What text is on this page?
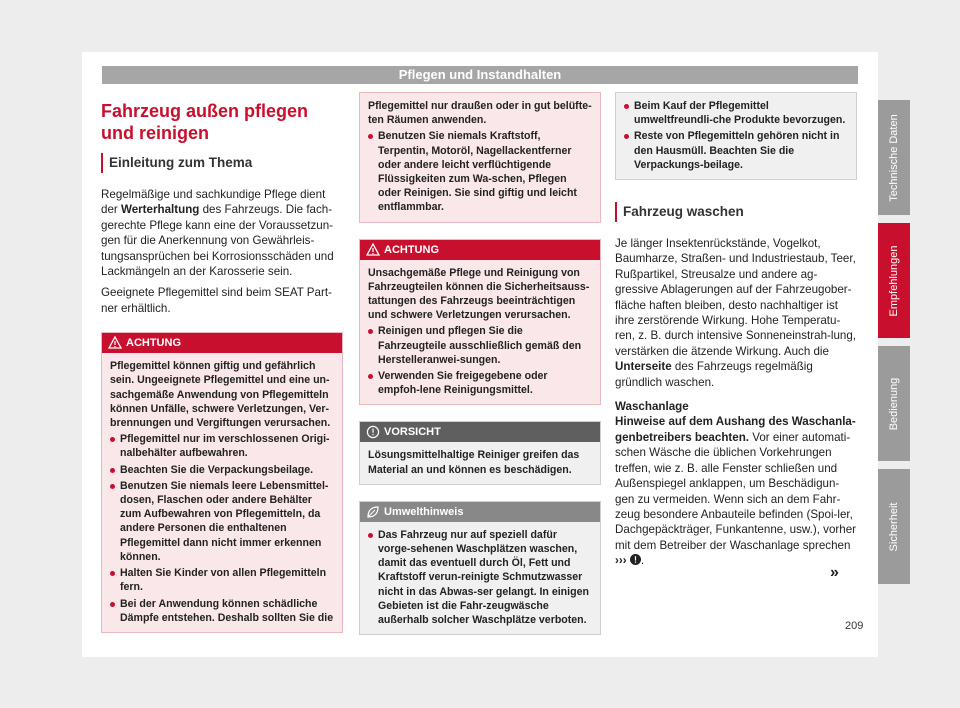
Pflegen und Instandhalten
Fahrzeug außen pflegen und reinigen
Einleitung zum Thema

Regelmäßige und sachkundige Pflege dient der Werterhaltung des Fahrzeugs. Die fach-gerechte Pflege kann eine der Voraussetzun-gen für die Anerkennung von Gewährleis-tungsansprüchen bei Korrosionsschäden und Lackmängeln an der Karosserie sein.

Geeignete Pflegemittel sind beim SEAT Part-ner erhältlich.

ACHTUNG

Pflegemittel können giftig und gefährlich sein. Ungeeignete Pflegemittel und eine un-sachgemäße Anwendung von Pflegemitteln können Unfälle, schwere Verletzungen, Ver-brennungen und Vergiftungen verursachen.

Pflegemittel nur im verschlossenen Origi-nalbehälter aufbewahren.
Beachten Sie die Verpackungsbeilage.
Benutzen Sie niemals leere Lebensmittel-dosen, Flaschen oder andere Behälter zum Aufbewahren von Pflegemitteln, da andere Personen die enthaltenen Pflegemittel dann nicht immer erkennen können.
Halten Sie Kinder von allen Pflegemitteln fern.
Bei der Anwendung können schädliche Dämpfe entstehen. Deshalb sollten Sie die

Pflegemittel nur draußen oder in gut belüfte-ten Räumen anwenden.

Benutzen Sie niemals Kraftstoff, Terpentin, Motoröl, Nagellackentferner oder andere leicht verflüchtigende Flüssigkeiten zum Wa-schen, Pflegen oder Reinigen. Sie sind giftig und leicht entflammbar.
ACHTUNG

Unsachgemäße Pflege und Reinigung von Fahrzeugteilen können die Sicherheitsauss-tattungen des Fahrzeugs beeinträchtigen und schwere Verletzungen verursachen.

Reinigen und pflegen Sie die Fahrzeugteile ausschließlich gemäß den Herstelleranwei-sungen.
Verwenden Sie freigegebene oder empfoh-lene Reinigungsmittel.
VORSICHT

Lösungsmittelhaltige Reiniger greifen das Material an und können es beschädigen.

Umwelthinweis
Das Fahrzeug nur auf speziell dafür vorge-sehenen Waschplätzen waschen, damit das eventuell durch Öl, Fett und Kraftstoff verun-reinigte Schmutzwasser nicht in das Abwas-ser gelangt. In einigen Gebieten ist die Fahr-zeugwäsche außerhalb solcher Waschplätze verboten.
Beim Kauf der Pflegemittel umweltfreundli-che Produkte bevorzugen.
Reste von Pflegemitteln gehören nicht in den Hausmüll. Beachten Sie die Verpackungs-beilage.
Fahrzeug waschen

Je länger Insektenrückstände, Vogelkot, Baumharze, Straßen- und Industriestaub, Teer, Rußpartikel, Streusalze und andere ag-gressive Ablagerungen auf der Fahrzeugober-fläche haften bleiben, desto nachhaltiger ist ihre zerstörende Wirkung. Hohe Temperatu-ren, z. B. durch intensive Sonneneinstrah-lung, verstärken die ätzende Wirkung. Auch die Unterseite des Fahrzeugs regelmäßig gründlich waschen.

Waschanlage

Hinweise auf dem Aushang des Waschanla-genbetreibers beachten. Vor einer automati-schen Wäsche die üblichen Vorkehrungen treffen, wie z. B. alle Fenster schließen und Außenspiegel anklappen, um Beschädigun-gen zu vermeiden. Wenn sich an dem Fahr-zeug besondere Anbauteile befinden (Spoi-ler, Dachgepäckträger, Funkantenne, usw.), vorher mit dem Betreiber der Waschanlage sprechen ››› .

»
Technische Daten
Empfehlungen
Bedienung
Sicherheit
209
